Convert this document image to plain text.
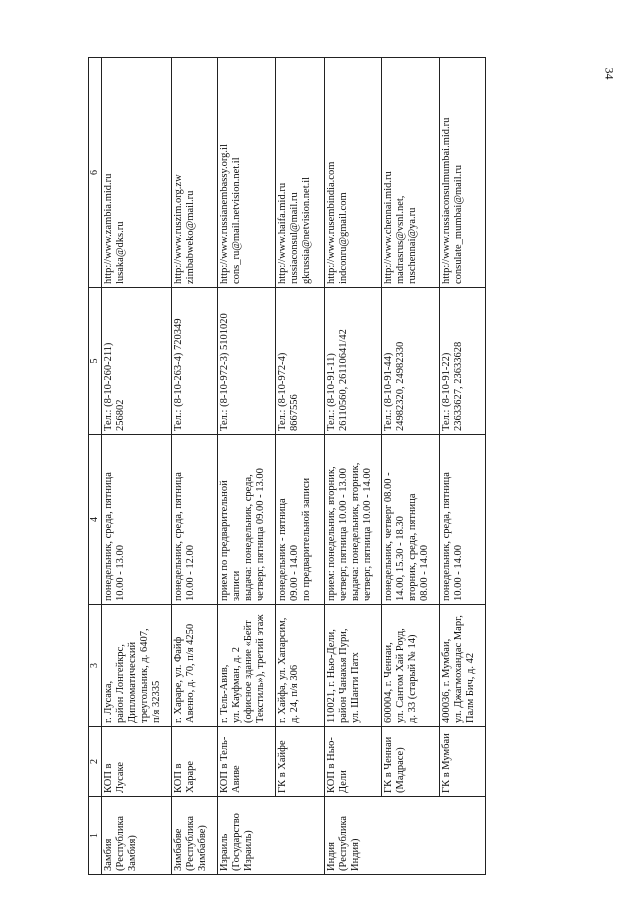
34
1	2	3	4	5	6
Замбия
(Республика
Замбия)	КОП в Лусаке	г. Лусака,
район Лонгейкрс,
Дипломатический
треугольник, д. 6407,
п/я 32335	понедельник, среда, пятница
10.00 - 13.00	Тел.: (8-10-260-211)
256802	http://www.zambia.mid.ru
lusaka@dks.ru
Зимбабве
(Республика
Зимбабве)	КОП в Хараре	г. Хараре, ул. Файф
Авеню, д. 70, п/я 4250	понедельник, среда, пятница
10.00 - 12.00	Тел.: (8-10-263-4) 720349	http://www.ruszim.org.zw
zimbabweko@mail.ru
Израиль
(Государство
Израиль)	КОП в Тель-Авиве	г. Тель-Авив,
ул. Кауфман, д. 2
(офисное здание «Бейт
Текстиль»), третий этаж	прием по предварительной
записи
выдача: понедельник, среда,
четверг, пятница 09.00 - 13.00	Тел.: (8-10-972-3) 5101020	http://www.russianembassy.org.il
cons_ru@mail.netvision.net.il
	ГК в Хайфе	г. Хайфа, ул. Хапарсим,
д. 24, п/я 306	понедельник - пятница
09.00 - 14.00
по предварительной записи	Тел.: (8-10-972-4)
8667556	http://www.haifa.mid.ru
russiaconsul@mail.ru
gkrussia@netvision.net.il
Индия
(Республика Индия)	КОП в Нью-Дели	110021, г. Нью-Дели,
район Чанакья Пури,
ул. Шанти Патх	прием: понедельник, вторник,
четверг, пятница 10.00 - 13.00
выдача: понедельник, вторник,
четверг, пятница 10.00 - 14.00	Тел.: (8-10-91-11)
26110560, 26110641/42	http://www.rusembindia.com
indconru@gmail.com
	ГК в Ченнаи
(Мадрасе)	600004, г. Ченнаи,
ул. Сантом Хай Роуд,
д. 33 (старый № 14)	понедельник, четверг 08.00 -
14.00, 15.30 - 18.30
вторник, среда, пятница
08.00 - 14.00	Тел.: (8-10-91-44)
24982320, 24982330	http://www.chennai.mid.ru
madrasrus@vsnl.net,
ruschennai@ya.ru
	ГК в Мумбаи	400036, г. Мумбаи,
ул. Джагмохандас Марг,
Палм Бич, д. 42	понедельник, среда, пятница
10.00 - 14.00	Тел.: (8-10-91-22)
23633627, 23633628	http://www.russiaconsulmumbai.mid.ru
consulate_mumbai@mail.ru
